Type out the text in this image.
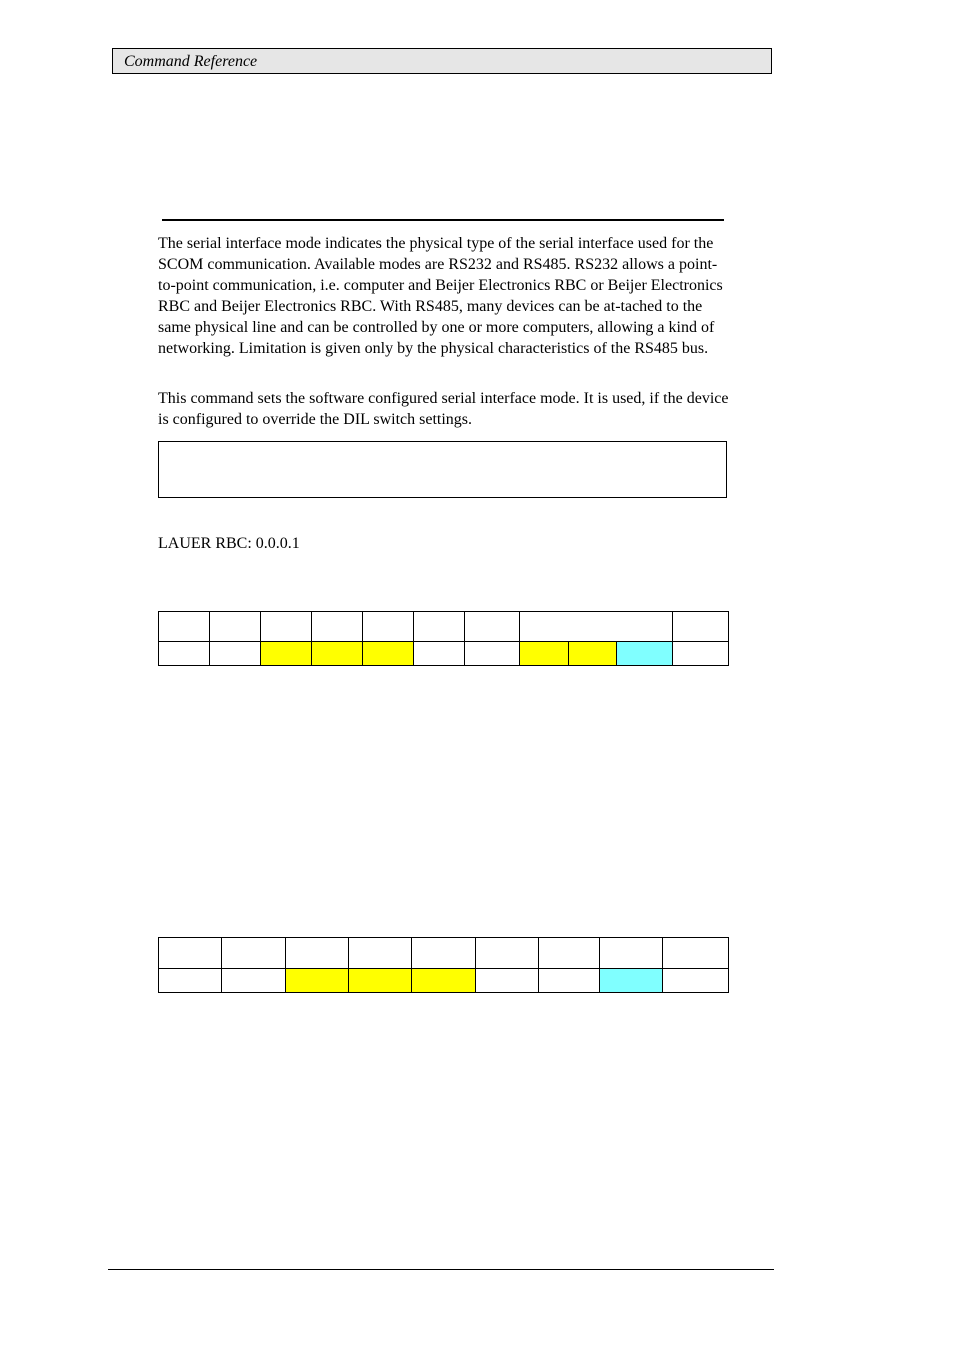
Command Reference

The serial interface mode indicates the physical type of the serial interface used for the SCOM communication. Available modes are RS232 and RS485. RS232 allows a point-to-point communication, i.e. computer and Beijer Electronics RBC or Beijer Electronics RBC and Beijer Electronics RBC. With RS485, many devices can be at-tached to the same physical line and can be controlled by one or more computers, allowing a kind of networking. Limitation is given only by the physical characteristics of the RS485 bus.

This command sets the software configured serial interface mode. It is used, if the device is configured to override the DIL switch settings.

LAUER RBC: 0.0.0.1
